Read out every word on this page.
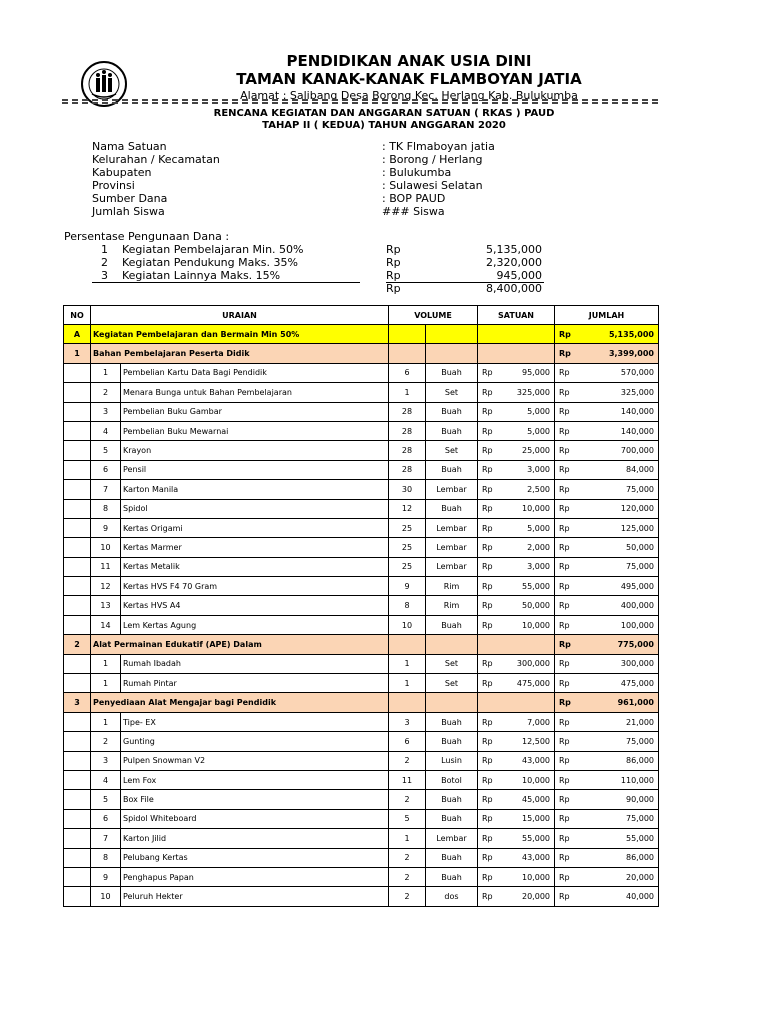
PENDIDIKAN ANAK USIA DINI
TAMAN KANAK-KANAK FLAMBOYAN JATIA
Alamat : Salibang Desa Borong Kec. Herlang Kab. Bulukumba
RENCANA KEGIATAN DAN ANGGARAN SATUAN ( RKAS ) PAUD
TAHAP II ( KEDUA) TAHUN ANGGARAN 2020
Nama Satuan	: TK Flmaboyan jatia
Kelurahan / Kecamatan	: Borong / Herlang
Kabupaten	: Bulukumba
Provinsi	: Sulawesi Selatan
Sumber Dana	: BOP PAUD
Jumlah Siswa	### Siswa
Persentase Pengunaan Dana :
1 Kegiatan Pembelajaran Min. 50%	Rp	5,135,000
2 Kegiatan Pendukung Maks. 35%	Rp	2,320,000
3 Kegiatan Lainnya Maks. 15%	Rp	945,000
Rp	8,400,000
NO	URAIAN		VOLUME		SATUAN	JUMLAH
A	Kegiatan Pembelajaran dan Bermain Min 50%					Rp 5,135,000

1	Bahan Pembelajaran Peserta Didik					Rp 3,399,000

	1	Pembelian Kartu Data Bagi Pendidik	6	Buah	Rp 95,000	Rp 570,000

	2	Menara Bunga untuk Bahan Pembelajaran	1	Set	Rp 325,000	Rp 325,000

	3	Pembelian Buku Gambar	28	Buah	Rp 5,000	Rp 140,000

	4	Pembelian Buku Mewarnai	28	Buah	Rp 5,000	Rp 140,000

	5	Krayon	28	Set	Rp 25,000	Rp 700,000

	6	Pensil	28	Buah	Rp 3,000	Rp 84,000

	7	Karton Manila	30	Lembar	Rp 2,500	Rp 75,000

	8	Spidol	12	Buah	Rp 10,000	Rp 120,000

	9	Kertas Origami	25	Lembar	Rp 5,000	Rp 125,000

	10	Kertas Marmer	25	Lembar	Rp 2,000	Rp 50,000

	11	Kertas Metalik	25	Lembar	Rp 3,000	Rp 75,000

	12	Kertas HVS F4 70 Gram	9	Rim	Rp 55,000	Rp 495,000

	13	Kertas HVS A4	8	Rim	Rp 50,000	Rp 400,000

	14	Lem Kertas Agung	10	Buah	Rp 10,000	Rp 100,000

2	Alat Permainan Edukatif (APE) Dalam					Rp 775,000

	1	Rumah Ibadah	1	Set	Rp 300,000	Rp 300,000

	1	Rumah Pintar	1	Set	Rp 475,000	Rp 475,000

3	Penyediaan Alat Mengajar bagi Pendidik					Rp 961,000

	1	Tipe- EX	3	Buah	Rp 7,000	Rp 21,000

	2	Gunting	6	Buah	Rp 12,500	Rp 75,000

	3	Pulpen Snowman V2	2	Lusin	Rp 43,000	Rp 86,000

	4	Lem Fox	11	Botol	Rp 10,000	Rp 110,000

	5	Box File	2	Buah	Rp 45,000	Rp 90,000

	6	Spidol Whiteboard	5	Buah	Rp 15,000	Rp 75,000

	7	Karton Jilid	1	Lembar	Rp 55,000	Rp 55,000

	8	Pelubang Kertas	2	Buah	Rp 43,000	Rp 86,000

	9	Penghapus Papan	2	Buah	Rp 10,000	Rp 20,000

	10	Peluruh Hekter	2	dos	Rp 20,000	Rp 40,000
